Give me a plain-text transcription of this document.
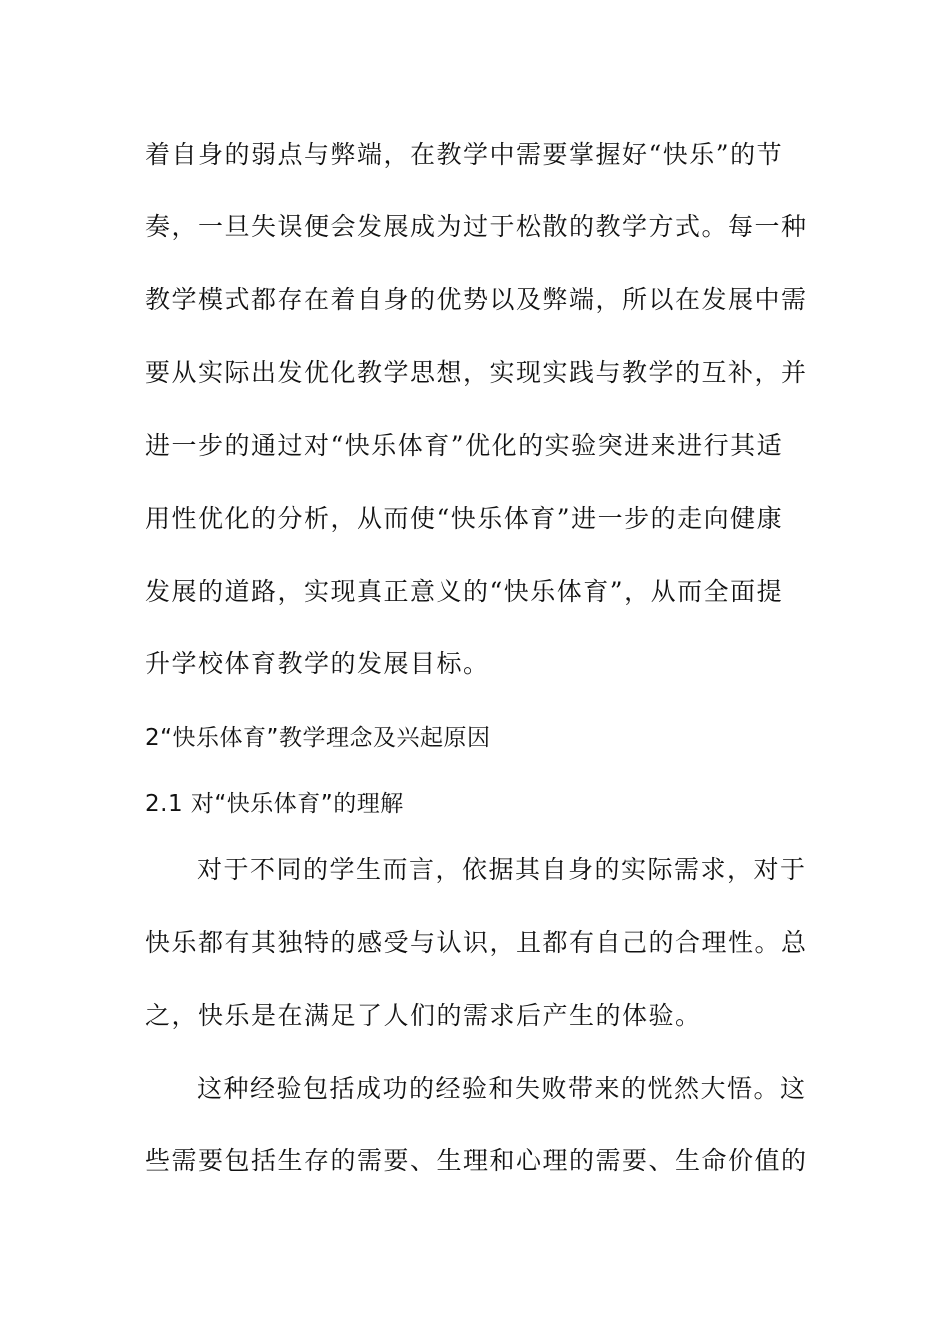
着自身的弱点与弊端，在教学中需要掌握好“快乐”的节
奏，一旦失误便会发展成为过于松散的教学方式。每一种
教学模式都存在着自身的优势以及弊端，所以在发展中需
要从实际出发优化教学思想，实现实践与教学的互补，并
进一步的通过对“快乐体育”优化的实验突进来进行其适
用性优化的分析，从而使“快乐体育”进一步的走向健康
发展的道路，实现真正意义的“快乐体育”，从而全面提
升学校体育教学的发展目标。
2“快乐体育”教学理念及兴起原因
2.1 对“快乐体育”的理解
对于不同的学生而言，依据其自身的实际需求，对于
快乐都有其独特的感受与认识，且都有自己的合理性。总
之，快乐是在满足了人们的需求后产生的体验。
这种经验包括成功的经验和失败带来的恍然大悟。这
些需要包括生存的需要、生理和心理的需要、生命价值的
